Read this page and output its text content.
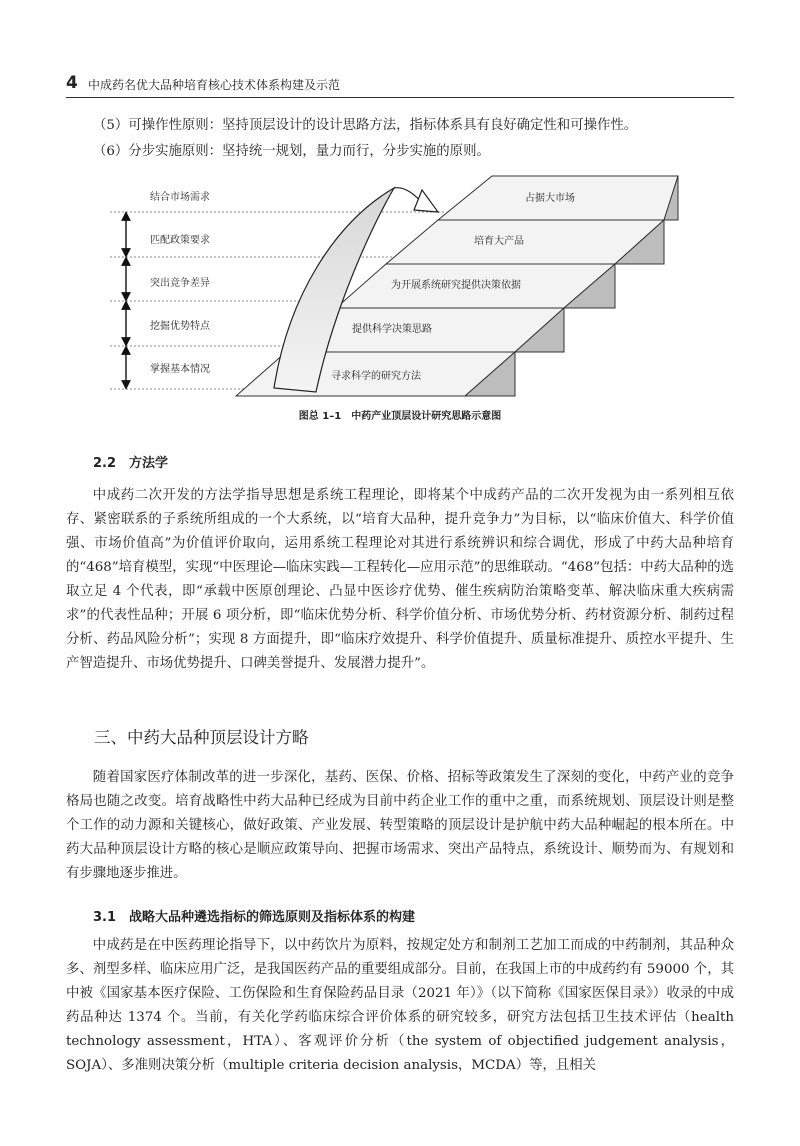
4 中成药名优大品种培育核心技术体系构建及示范

（5）可操作性原则：坚持顶层设计的设计思路方法，指标体系具有良好确定性和可操作性。

（6）分步实施原则：坚持统一规划，量力而行，分步实施的原则。

结合市场需求
匹配政策要求
突出竞争差异
挖掘优势特点
掌握基本情况
寻求科学的研究方法
提供科学决策思路
为开展系统研究提供决策依据
培育大产品
占据大市场
图总 1–1　中药产业顶层设计研究思路示意图
2.2　方法学

中成药二次开发的方法学指导思想是系统工程理论，即将某个中成药产品的二次开发视为由一系列相互依存、紧密联系的子系统所组成的一个大系统，以“培育大品种，提升竞争力”为目标，以“临床价值大、科学价值强、市场价值高”为价值评价取向，运用系统工程理论对其进行系统辨识和综合调优，形成了中药大品种培育的“468”培育模型，实现“中医理论—临床实践—工程转化—应用示范”的思维联动。“468”包括：中药大品种的选取立足 4 个代表，即“承载中医原创理论、凸显中医诊疗优势、催生疾病防治策略变革、解决临床重大疾病需求”的代表性品种；开展 6 项分析，即“临床优势分析、科学价值分析、市场优势分析、药材资源分析、制药过程分析、药品风险分析”；实现 8 方面提升，即“临床疗效提升、科学价值提升、质量标准提升、质控水平提升、生产智造提升、市场优势提升、口碑美誉提升、发展潜力提升”。

三、中药大品种顶层设计方略

随着国家医疗体制改革的进一步深化，基药、医保、价格、招标等政策发生了深刻的变化，中药产业的竞争格局也随之改变。培育战略性中药大品种已经成为目前中药企业工作的重中之重，而系统规划、顶层设计则是整个工作的动力源和关键核心，做好政策、产业发展、转型策略的顶层设计是护航中药大品种崛起的根本所在。中药大品种顶层设计方略的核心是顺应政策导向、把握市场需求、突出产品特点，系统设计、顺势而为、有规划和有步骤地逐步推进。

3.1　战略大品种遴选指标的筛选原则及指标体系的构建

中成药是在中医药理论指导下，以中药饮片为原料，按规定处方和制剂工艺加工而成的中药制剂，其品种众多、剂型多样、临床应用广泛，是我国医药产品的重要组成部分。目前，在我国上市的中成药约有 59000 个，其中被《国家基本医疗保险、工伤保险和生育保险药品目录（2021 年）》（以下简称《国家医保目录》）收录的中成药品种达 1374 个。当前，有关化学药临床综合评价体系的研究较多，研究方法包括卫生技术评估（health technology assessment，HTA）、客观评价分析（the system of objectified judgement analysis，SOJA）、多准则决策分析（multiple criteria decision analysis，MCDA）等，且相关
